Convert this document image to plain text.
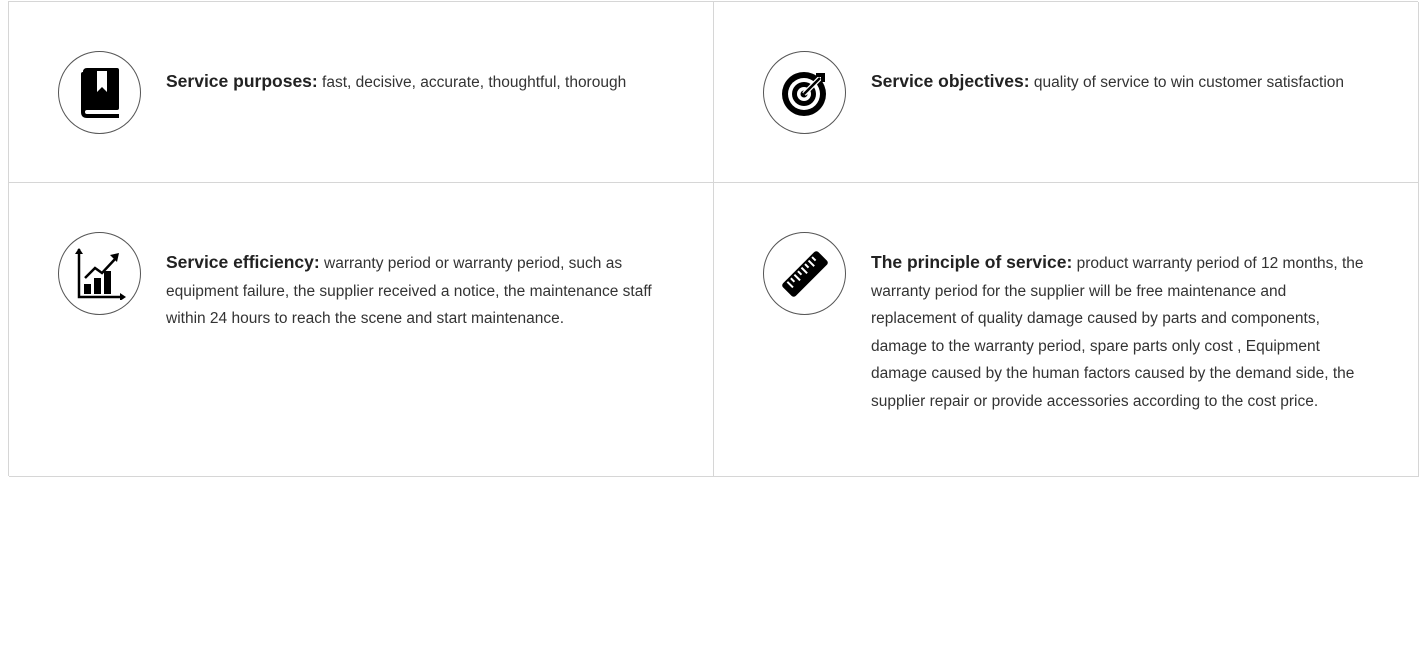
Service purposes: fast, decisive, accurate, thoughtful, thorough	Service objectives: quality of service to win customer satisfaction
Service efficiency: warranty period or warranty period, such as equipment failure, the supplier received a notice, the maintenance staff within 24 hours to reach the scene and start maintenance.
The principle of service: product warranty period of 12 months, the warranty period for the supplier will be free maintenance and replacement of quality damage caused by parts and components, damage to the warranty period, spare parts only cost , Equipment damage caused by the human factors caused by the demand side, the supplier repair or provide accessories according to the cost price.
